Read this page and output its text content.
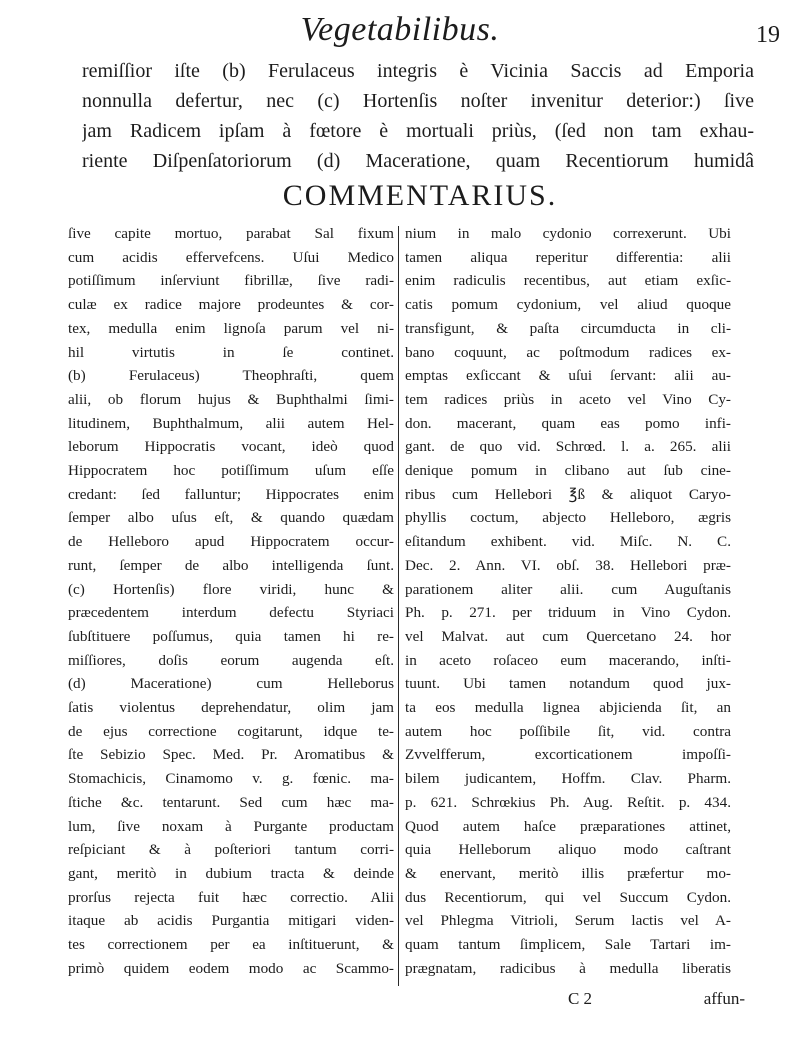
Vegetabilibus.	19
remiſſior iſte (b) Ferulaceus integris è Vicinia Saccis ad Emporia
nonnulla defertur, nec (c) Hortenſis noſter invenitur deterior:) ſive
jam Radicem ipſam à fœtore è mortuali priùs, (ſed non tam exhau-
riente Diſpenſatoriorum (d) Maceratione, quam Recentiorum humidâ
COMMENTARIUS.
ſive capite mortuo, parabat Sal fixum
cum acidis effervefcens. Uſui Medico
potiſſimum inſerviunt fibrillæ, ſive radi-
culæ ex radice majore prodeuntes & cor-
tex, medulla enim lignoſa parum vel ni-
hil virtutis in ſe continet.
(b) Ferulaceus) Theophraſti, quem
alii, ob florum hujus & Buphthalmi ſimi-
litudinem, Buphthalmum, alii autem Hel-
leborum Hippocratis vocant, ideò quod
Hippocratem hoc potiſſimum uſum eſſe
credant: ſed falluntur; Hippocrates enim
ſemper albo uſus eſt, & quando quædam
de Helleboro apud Hippocratem occur-
runt, ſemper de albo intelligenda ſunt.
(c) Hortenſis) flore viridi, hunc &
præcedentem interdum defectu Styriaci
ſubſtituere poſſumus, quia tamen hi re-
miſſiores, doſis eorum augenda eſt.
(d) Maceratione) cum Helleborus
ſatis violentus deprehendatur, olim jam
de ejus correctione cogitarunt, idque te-
ſte Sebizio Spec. Med. Pr. Aromatibus &
Stomachicis, Cinamomo v. g. fœnic. ma-
ſtiche &c. tentarunt. Sed cum hæc ma-
lum, ſive noxam à Purgante productam
reſpiciant & à poſteriori tantum corri-
gant, meritò in dubium tracta & deinde
prorſus rejecta fuit hæc correctio. Alii
itaque ab acidis Purgantia mitigari viden-
tes correctionem per ea inſtituerunt, &
primò quidem eodem modo ac Scammo-
nium in malo cydonio correxerunt. Ubi
tamen aliqua reperitur differentia: alii
enim radiculis recentibus, aut etiam exſic-
catis pomum cydonium, vel aliud quoque
transfigunt, & paſta circumducta in cli-
bano coquunt, ac poſtmodum radices ex-
emptas exſiccant & uſui ſervant: alii au-
tem radices priùs in aceto vel Vino Cy-
don. macerant, quam eas pomo infi-
gant. de quo vid. Schrœd. l. a. 265. alii
denique pomum in clibano aut ſub cine-
ribus cum Hellebori ℥ß & aliquot Caryo-
phyllis coctum, abjecto Helleboro, ægris
eſitandum exhibent. vid. Miſc. N. C.
Dec. 2. Ann. VI. obſ. 38. Hellebori præ-
parationem aliter alii. cum Auguſtanis
Ph. p. 271. per triduum in Vino Cydon.
vel Malvat. aut cum Quercetano 24. hor
in aceto roſaceo eum macerando, inſti-
tuunt. Ubi tamen notandum quod jux-
ta eos medulla lignea abjicienda ſit, an
autem hoc poſſibile ſit, vid. contra
Zvvelfferum, excorticationem impoſſi-
bilem judicantem, Hoffm. Clav. Pharm.
p. 621. Schrœkius Ph. Aug. Reſtit. p. 434.
Quod autem haſce præparationes attinet,
quia Helleborum aliquo modo caſtrant
& enervant, meritò illis præfertur mo-
dus Recentiorum, qui vel Succum Cydon.
vel Phlegma Vitrioli, Serum lactis vel A-
quam tantum ſimplicem, Sale Tartari im-
prægnatam, radicibus à medulla liberatis
C 2	affun-
